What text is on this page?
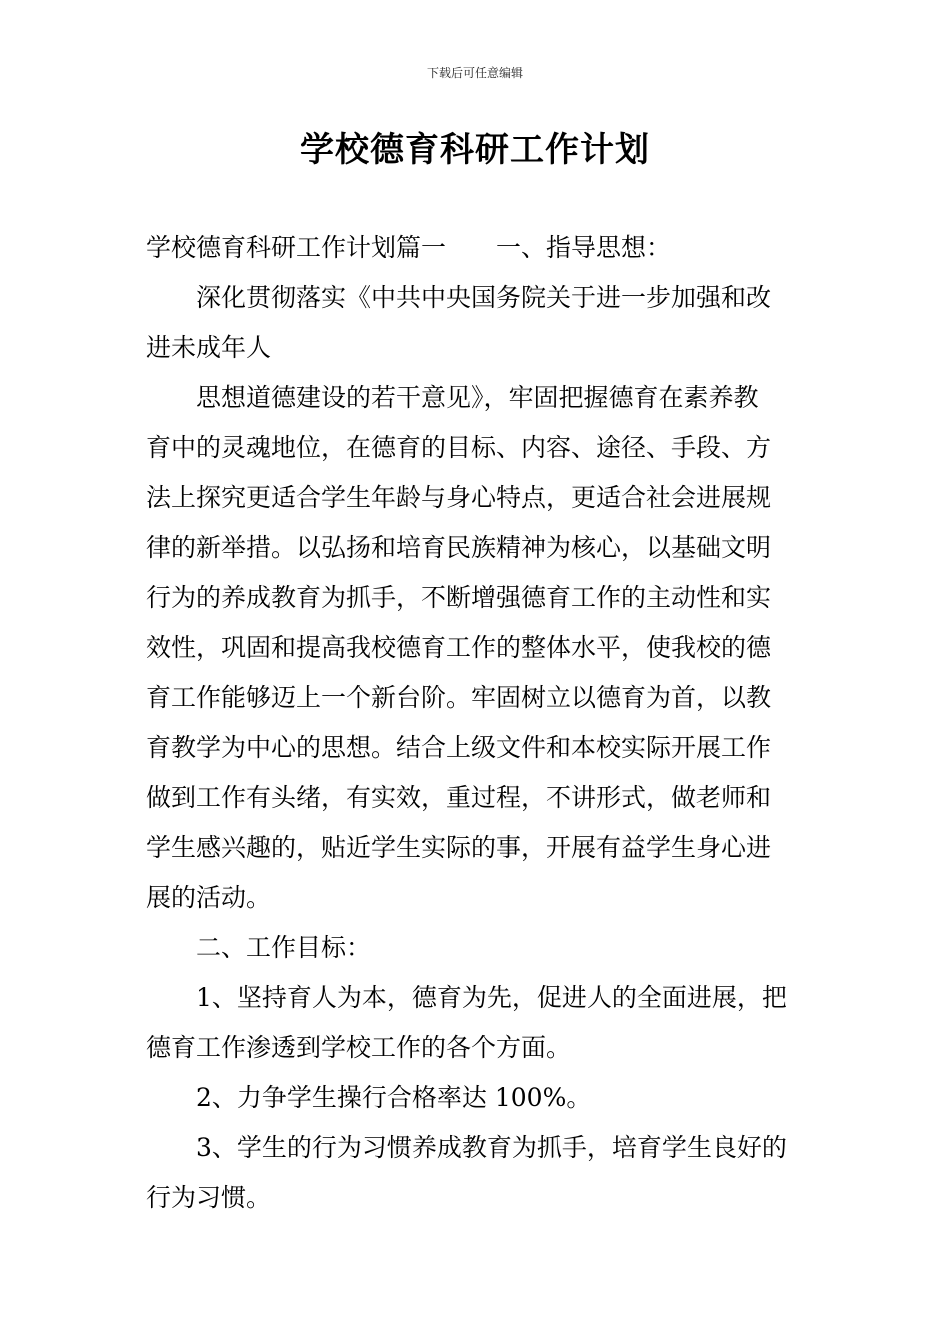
下载后可任意编辑
学校德育科研工作计划
学校德育科研工作计划篇一 一、指导思想：
深化贯彻落实《中共中央国务院关于进一步加强和改
进未成年人
思想道德建设的若干意见》，牢固把握德育在素养教
育中的灵魂地位，在德育的目标、内容、途径、手段、方
法上探究更适合学生年龄与身心特点，更适合社会进展规
律的新举措。以弘扬和培育民族精神为核心，以基础文明
行为的养成教育为抓手，不断增强德育工作的主动性和实
效性，巩固和提高我校德育工作的整体水平，使我校的德
育工作能够迈上一个新台阶。牢固树立以德育为首，以教
育教学为中心的思想。结合上级文件和本校实际开展工作
做到工作有头绪，有实效，重过程，不讲形式，做老师和
学生感兴趣的，贴近学生实际的事，开展有益学生身心进
展的活动。
二、工作目标：
1、坚持育人为本，德育为先，促进人的全面进展，把
德育工作渗透到学校工作的各个方面。
2、力争学生操行合格率达 100%。
3、学生的行为习惯养成教育为抓手，培育学生良好的
行为习惯。
